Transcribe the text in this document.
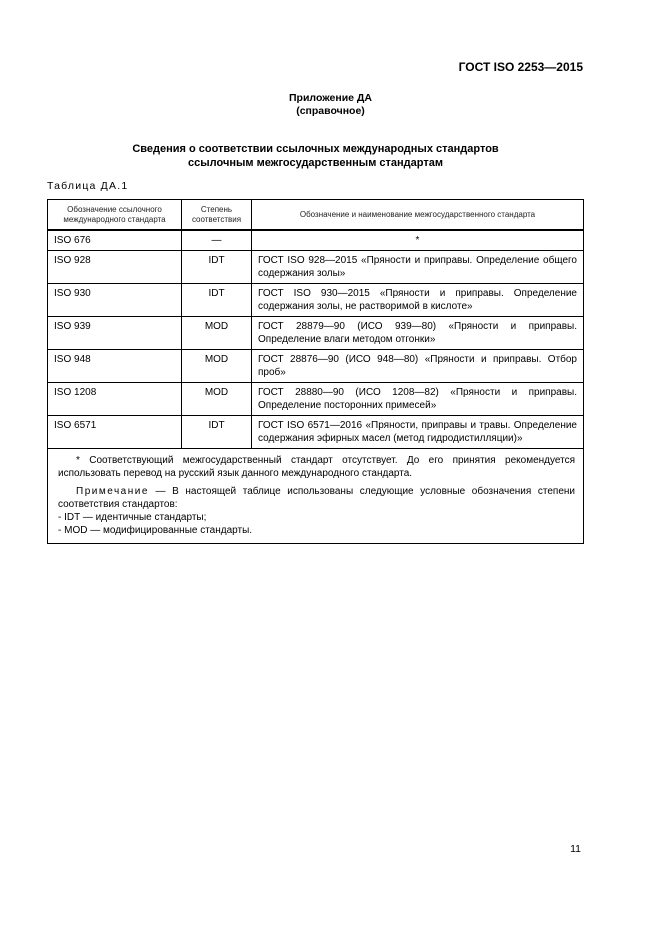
ГОСТ ISO 2253—2015
Приложение ДА
(справочное)
Сведения о соответствии ссылочных международных стандартов
ссылочным межгосударственным стандартам
Таблица ДА.1
Обозначение ссылочного международного стандарта	Степень соответствия	Обозначение и наименование межгосударственного стандарта
ISO 676	—	*
ISO 928	IDT	ГОСТ ISO 928—2015 «Пряности и приправы. Определение общего содержания золы»
ISO 930	IDT	ГОСТ ISO 930—2015 «Пряности и приправы. Определение содержания золы, не растворимой в кислоте»
ISO 939	MOD	ГОСТ 28879—90 (ИСО 939—80) «Пряности и приправы. Определение влаги методом отгонки»
ISO 948	MOD	ГОСТ 28876—90 (ИСО 948—80) «Пряности и приправы. Отбор проб»
ISO 1208	MOD	ГОСТ 28880—90 (ИСО 1208—82) «Пряности и приправы. Определение посторонних примесей»
ISO 6571	IDT	ГОСТ ISO 6571—2016 «Пряности, приправы и травы. Определение содержания эфирных масел (метод гидродистилляции)»

* Соответствующий межгосударственный стандарт отсутствует. До его принятия рекомендуется использовать перевод на русский язык данного международного стандарта.

Примечание — В настоящей таблице использованы следующие условные обозначения степени соответствия стандартов:

- IDT — идентичные стандарты;

- MOD — модифицированные стандарты.		

11
